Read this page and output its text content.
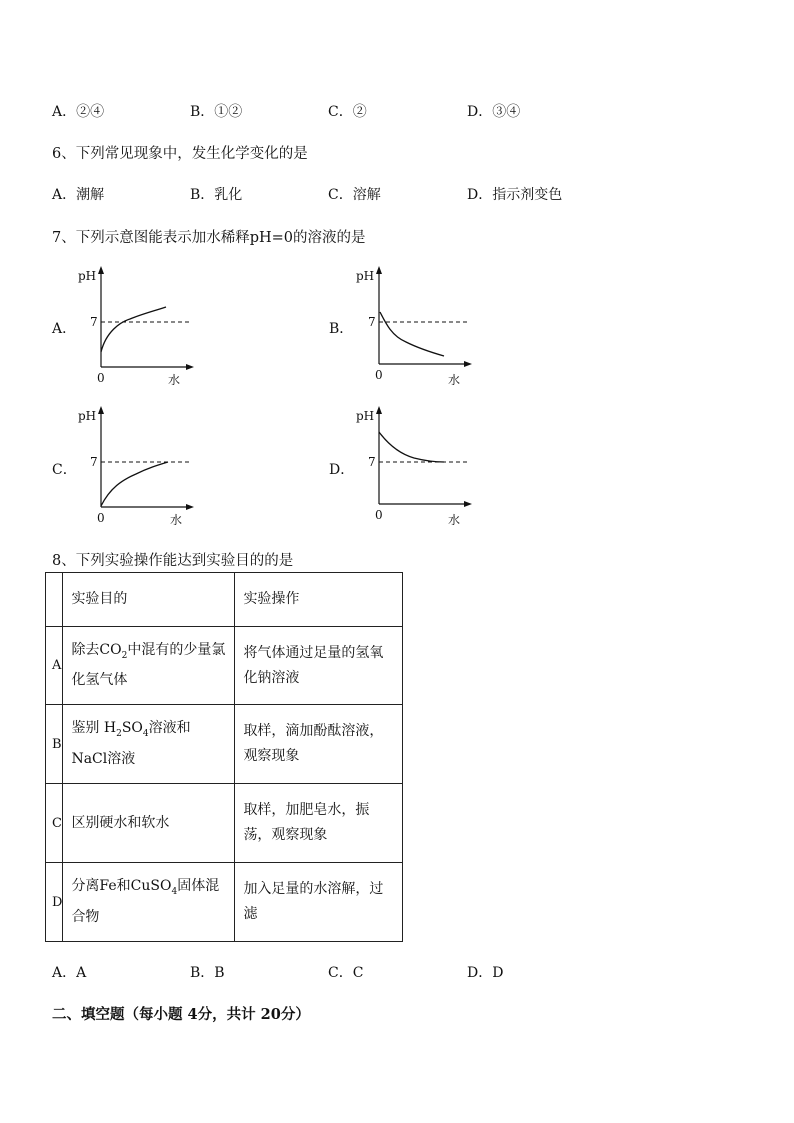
A．②④	B．①②	C．②	D．③④
6、下列常见现象中，发生化学变化的是
A．潮解	B．乳化	C．溶解	D．指示剂变色
7、下列示意图能表示加水稀释pH=0的溶液的是
A．
pH
7
0	水
B．
pH
7
0	水
C．
pH
7
0	水
D．
pH
7
0	水
8、下列实验操作能达到实验目的的是
	实验目的	实验操作
A	除去$CO_2$中混有的少量氯化氢气体	将气体通过足量的氢氧化钠溶液
B	鉴别 $H_2SO_4$溶液和 NaCl溶液	取样，滴加酚酞溶液，观察现象
C	区别硬水和软水	取样，加肥皂水，振荡，观察现象
D	分离Fe和CuSO$_4$固体混合物	加入足量的水溶解，过滤
A．A	B．B	C．C	D．D
二、填空题（每小题 4分，共计 20分）
